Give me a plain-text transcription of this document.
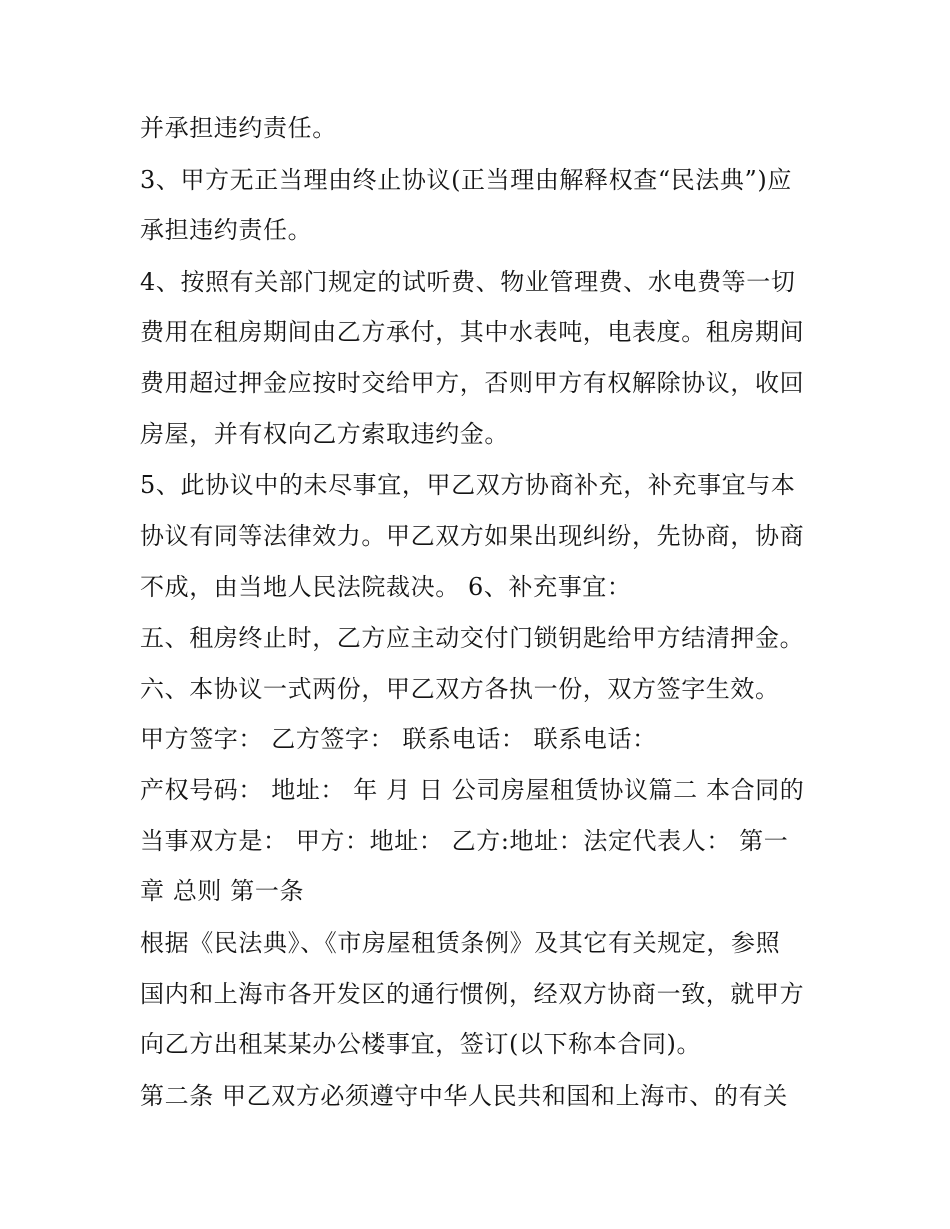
并承担违约责任。
3、甲方无正当理由终止协议(正当理由解释权查“民法典”)应
承担违约责任。
4、按照有关部门规定的试听费、物业管理费、水电费等一切
费用在租房期间由乙方承付，其中水表吨，电表度。租房期间
费用超过押金应按时交给甲方，否则甲方有权解除协议，收回
房屋，并有权向乙方索取违约金。
5、此协议中的未尽事宜，甲乙双方协商补充，补充事宜与本
协议有同等法律效力。甲乙双方如果出现纠纷，先协商，协商
不成，由当地人民法院裁决。 6、补充事宜：
五、租房终止时，乙方应主动交付门锁钥匙给甲方结清押金。
六、本协议一式两份，甲乙双方各执一份，双方签字生效。
甲方签字： 乙方签字： 联系电话： 联系电话：
产权号码： 地址： 年 月 日 公司房屋租赁协议篇二 本合同的
当事双方是： 甲方：地址： 乙方:地址：法定代表人： 第一
章 总则 第一条
根据《民法典》、《市房屋租赁条例》及其它有关规定，参照
国内和上海市各开发区的通行惯例，经双方协商一致，就甲方
向乙方出租某某办公楼事宜，签订(以下称本合同)。
第二条 甲乙双方必须遵守中华人民共和国和上海市、的有关
